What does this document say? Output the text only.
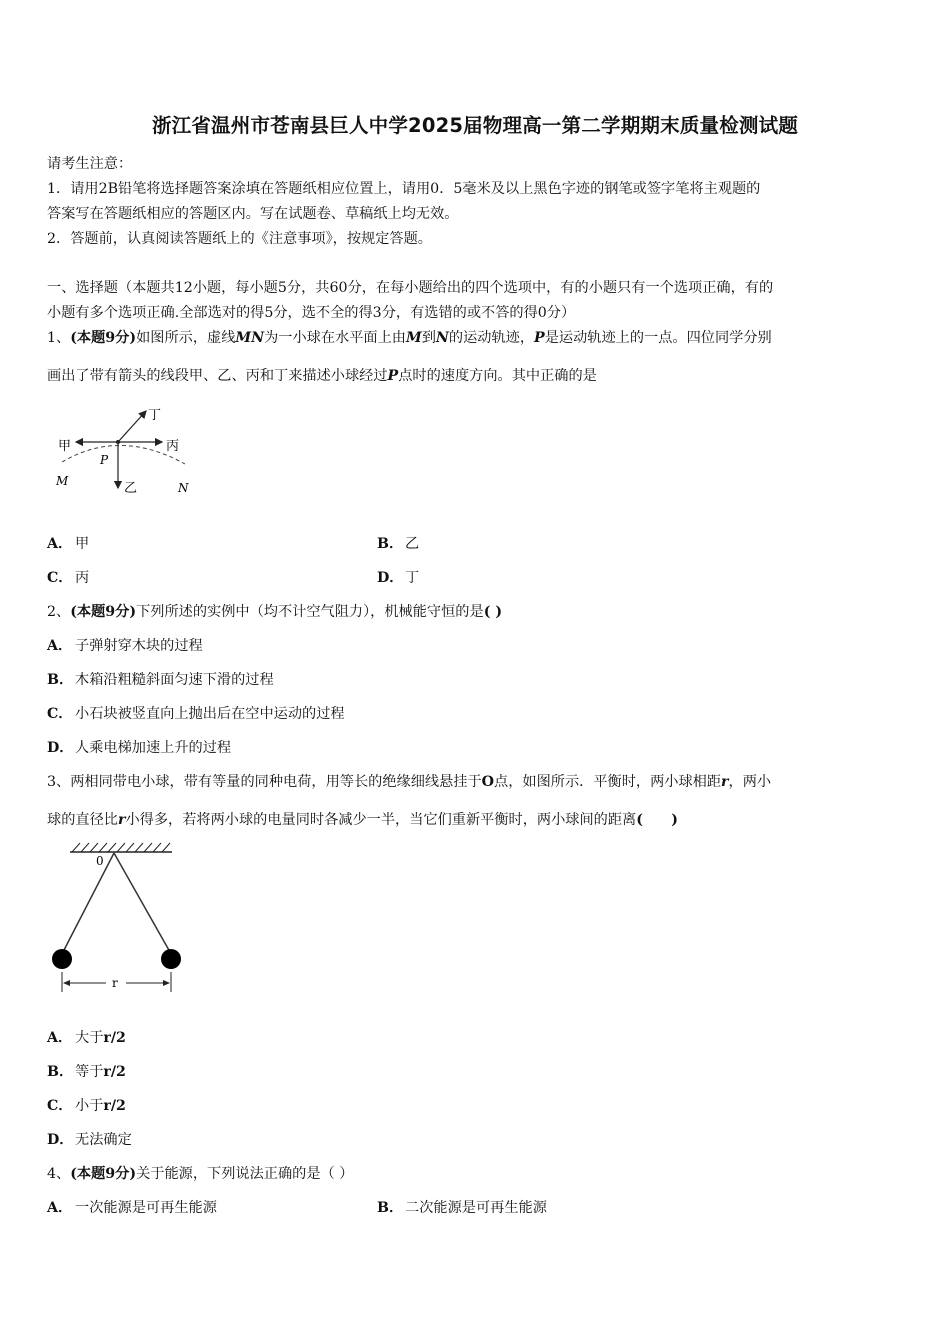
浙江省温州市苍南县巨人中学2025届物理高一第二学期期末质量检测试题
请考生注意：
1．请用2B铅笔将选择题答案涂填在答题纸相应位置上，请用0．5毫米及以上黑色字迹的钢笔或签字笔将主观题的
答案写在答题纸相应的答题区内。写在试题卷、草稿纸上均无效。
2．答题前，认真阅读答题纸上的《注意事项》，按规定答题。
一、选择题（本题共12小题，每小题5分，共60分，在每小题给出的四个选项中，有的小题只有一个选项正确，有的
小题有多个选项正确.全部选对的得5分，选不全的得3分，有选错的或不答的得0分）
1、(本题9分)如图所示，虚线MN为一小球在水平面上由M到N的运动轨迹，P是运动轨迹上的一点。四位同学分别
画出了带有箭头的线段甲、乙、丙和丁来描述小球经过P点时的速度方向。其中正确的是
甲	丙
丁
乙
P
M	N
A． 甲	B． 乙
C． 丙	D． 丁
2、(本题9分)下列所述的实例中（均不计空气阻力），机械能守恒的是( )
A． 子弹射穿木块的过程
B． 木箱沿粗糙斜面匀速下滑的过程
C． 小石块被竖直向上抛出后在空中运动的过程
D． 人乘电梯加速上升的过程
3、两相同带电小球，带有等量的同种电荷，用等长的绝缘细线悬挂于O点，如图所示．平衡时，两小球相距r，两小
球的直径比r小得多，若将两小球的电量同时各减少一半，当它们重新平衡时，两小球间的距离(　　)
0
r
A． 大于r/2
B． 等于r/2
C． 小于r/2
D． 无法确定
4、(本题9分)关于能源，下列说法正确的是（ ）
A． 一次能源是可再生能源	B． 二次能源是可再生能源
